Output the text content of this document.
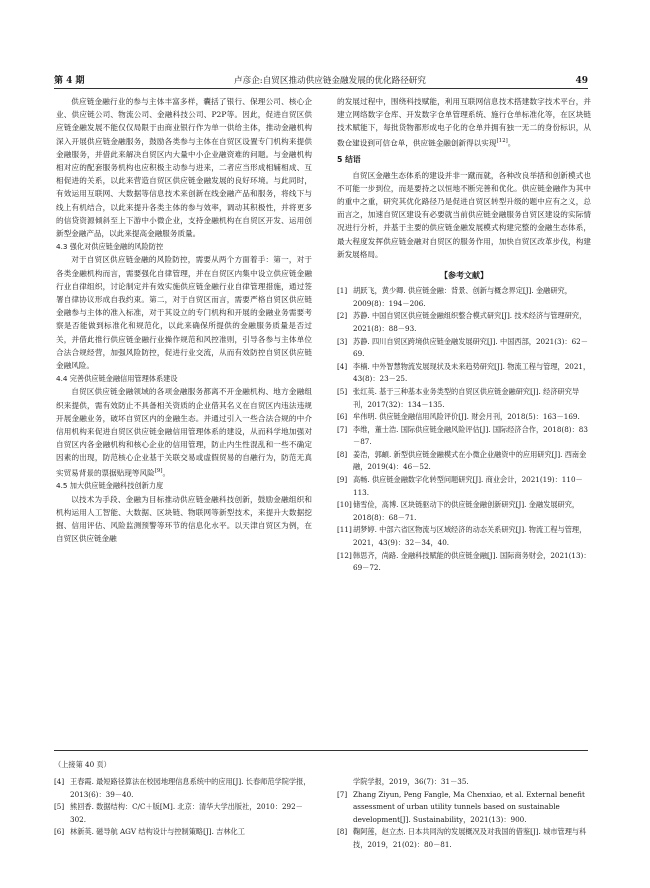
第 4 期	卢彦企:自贸区推动供应链金融发展的优化路径研究	49

供应链金融行业的参与主体丰富多样，囊括了银行、保理公司、核心企业、供应链公司、物流公司、金融科技公司、P2P等。因此，促进自贸区供应链金融发展不能仅仅局限于由商业银行作为单一供给主体，推动金融机构深入开展供应链金融服务，鼓励各类参与主体在自贸区设置专门机构来提供金融服务，并借此来解决自贸区内大量中小企业融资难的问题。与金融机构相对应的配套服务机构也应积极主动参与进来，二者应当形成相辅相成、互相促进的关系，以此来营造自贸区供应链金融发展的良好环境。与此同时，有效运用互联网、大数据等信息技术来创新在线金融产品和服务，将线下与线上有机结合，以此来提升各类主体的参与效率，调动其积极性，并将更多的信贷资源倾斜至上下游中小微企业，支持金融机构在自贸区开发、运用创新型金融产品，以此来提高金融服务质量。

4.3 强化对供应链金融的风险防控

对于自贸区供应链金融的风险防控，需要从两个方面着手：第一，对于各类金融机构而言，需要强化自律管理，并在自贸区内集中设立供应链金融行业自律组织，讨论制定并有效实施供应链金融行业自律管理措施，通过签署自律协议形成自我约束。第二，对于自贸区而言，需要严格自贸区供应链金融参与主体的准入标准，对于其设立的专门机构和开展的金融业务需要考察是否能做到标准化和规范化，以此来确保所提供的金融服务质量是否过关，并借此推行供应链金融行业操作规范和风控准则，引导各参与主体单位合法合规经营，加强风险防控，促进行业交流，从而有效防控自贸区供应链金融风险。

4.4 完善供应链金融信用管理体系建设

自贸区供应链金融领域的各项金融服务都离不开金融机构、地方金融组织来提供，需有效防止不具备相关资质的企业借其名义在自贸区内违法违规开展金融业务，破坏自贸区内的金融生态。并通过引入一些合法合规的中介信用机构来促进自贸区供应链金融信用管理体系的建设，从而科学地加强对自贸区内各金融机构和核心企业的信用管理，防止内生性混乱和一些不确定因素的出现，防范核心企业基于关联交易或虚假贸易的自融行为，防范无真实贸易背景的票据贴现等风险[9]。

4.5 加大供应链金融科技创新力度

以技术为手段、金融为目标推动供应链金融科技创新，鼓励金融组织和机构运用人工智能、大数据、区块链、物联网等新型技术，来提升大数据挖掘、信用评估、风险监测预警等环节的信息化水平。以天津自贸区为例，在自贸区供应链金融

的发展过程中，围绕科技赋能，利用互联网信息技术搭建数字技术平台，并建立网络数字仓库、开发数字仓单管理系统、施行仓单标准化等，在区块链技术赋能下，每批货物都形成电子化的仓单并拥有独一无二的身份标识，从数仓建设到可信仓单，供应链金融创新得以实现[12]。

5 结语

自贸区金融生态体系的建设并非一蹴而就，各种改良举措和创新模式也不可能一步到位，而是要持之以恒地不断完善和优化。供应链金融作为其中的重中之重，研究其优化路径乃是促进自贸区转型升级的题中应有之义，总而言之，加速自贸区建设有必要就当前供应链金融服务自贸区建设的实际情况进行分析，并基于主要的供应链金融发展模式构建完整的金融生态体系，最大程度发挥供应链金融对自贸区的服务作用，加快自贸区改革步伐，构建新发展格局。

【参考文献】
[1] 胡跃飞，黄少卿. 供应链金融：背景、创新与概念界定[J]. 金融研究，2009(8)：194－206.
[2] 苏静. 中国自贸区供应链金融组织整合模式研究[J]. 技术经济与管理研究，2021(8)：88－93.
[3] 苏静. 四川自贸区跨境供应链金融发展研究[J]. 中国西部，2021(3)：62－69.
[4] 李楠. 中外智慧物流发展现状及未来趋势研究[J]. 物流工程与管理，2021，43(8)：23－25.
[5] 张红英. 基于三种基本业务类型的自贸区供应链金融研究[J]. 经济研究导刊，2017(32)：134－135.
[6] 牟伟明. 供应链金融信用风险评价[J]. 财会月刊，2018(5)：163－169.
[7] 李维，董士浩. 国际供应链金融风险评估[J]. 国际经济合作，2018(8)：83－87.
[8] 姜浩，郭頔. 新型供应链金融模式在小微企业融资中的应用研究[J]. 西南金融，2019(4)：46－52.
[9] 高畅. 供应链金融数字化转型问题研究[J]. 商业会计，2021(19)：110－113.
[10] 储雪俭，高博. 区块链驱动下的供应链金融创新研究[J]. 金融发展研究，2018(8)：68－71.
[11] 胡梦婷. 中部六省区物流与区域经济的动态关系研究[J]. 物流工程与管理，2021，43(9)：32－34，40.
[12] 韩思齐，尚路. 金融科技赋能的供应链金融[J]. 国际商务财会，2021(13)：69－72.
（上接第 40 页）
[4] 王春霞. 最短路径算法在校园地理信息系统中的应用[J]. 长春师范学院学报，2013(6)：39－40.
[5] 熊回香. 数据结构：C/C＋版[M]. 北京：清华大学出版社，2010：292－302.
[6] 林新英. 磁导航 AGV 结构设计与控制策略[J]. 吉林化工
学院学报，2019，36(7)：31－35.
[7] Zhang Ziyun, Peng Fangle, Ma Chenxiao, et al. External benefit assessment of urban utility tunnels based on sustainable development[J]. Sustainability，2021(13)：900.
[8] 鞠阿莲，赵立杰. 日本共同沟的发展概况及对我国的借鉴[J]. 城市管理与科技，2019，21(02)：80－81.
